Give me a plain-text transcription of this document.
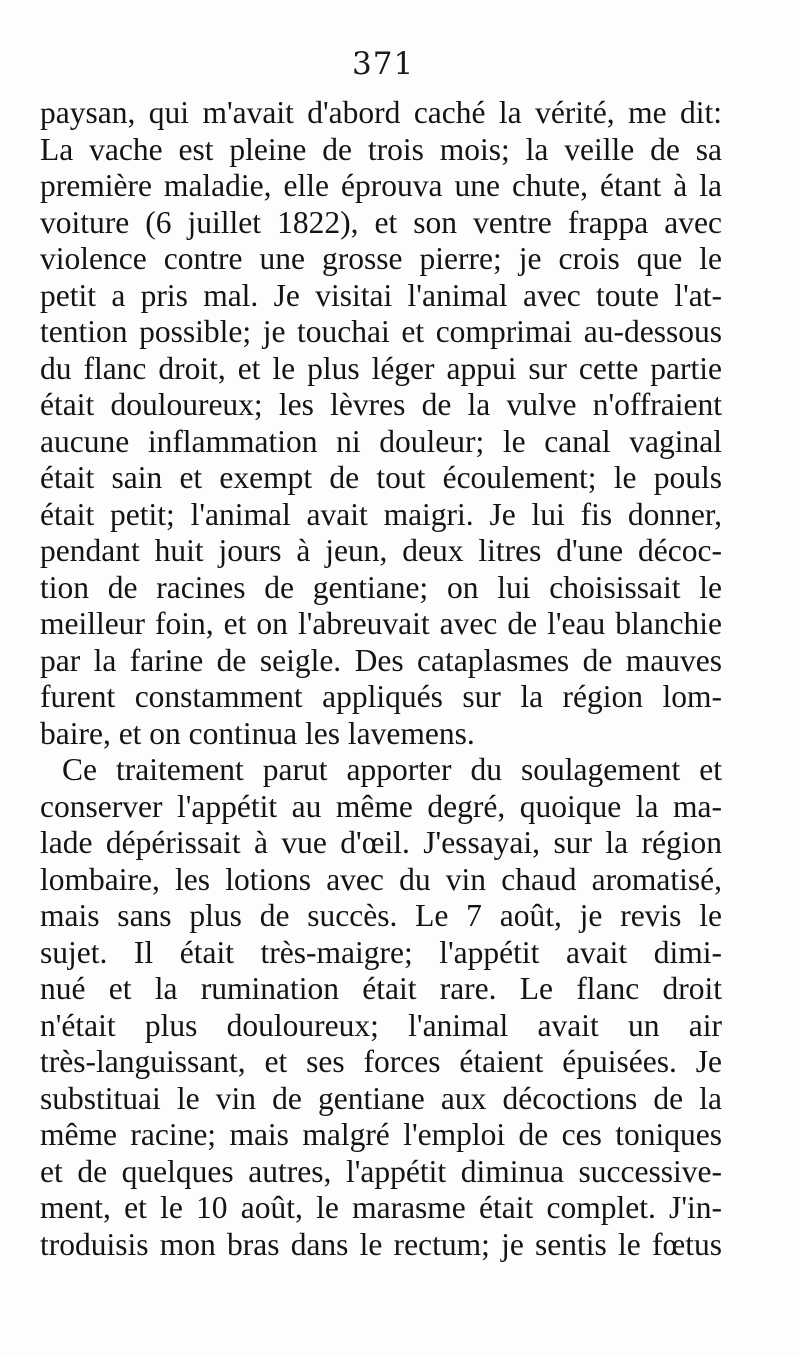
371
paysan, qui m'avait d'abord caché la vérité, me dit:
La vache est pleine de trois mois; la veille de sa
première maladie, elle éprouva une chute, étant à la
voiture (6 juillet 1822), et son ventre frappa avec
violence contre une grosse pierre; je crois que le
petit a pris mal. Je visitai l'animal avec toute l'at-
tention possible; je touchai et comprimai au-dessous
du flanc droit, et le plus léger appui sur cette partie
était douloureux; les lèvres de la vulve n'offraient
aucune inflammation ni douleur; le canal vaginal
était sain et exempt de tout écoulement; le pouls
était petit; l'animal avait maigri. Je lui fis donner,
pendant huit jours à jeun, deux litres d'une décoc-
tion de racines de gentiane; on lui choisissait le
meilleur foin, et on l'abreuvait avec de l'eau blanchie
par la farine de seigle. Des cataplasmes de mauves
furent constamment appliqués sur la région lom-
baire, et on continua les lavemens.
Ce traitement parut apporter du soulagement et
conserver l'appétit au même degré, quoique la ma-
lade dépérissait à vue d'œil. J'essayai, sur la région
lombaire, les lotions avec du vin chaud aromatisé,
mais sans plus de succès. Le 7 août, je revis le
sujet. Il était très-maigre; l'appétit avait dimi-
nué et la rumination était rare. Le flanc droit
n'était plus douloureux; l'animal avait un air
très-languissant, et ses forces étaient épuisées. Je
substituai le vin de gentiane aux décoctions de la
même racine; mais malgré l'emploi de ces toniques
et de quelques autres, l'appétit diminua successive-
ment, et le 10 août, le marasme était complet. J'in-
troduisis mon bras dans le rectum; je sentis le fœtus
